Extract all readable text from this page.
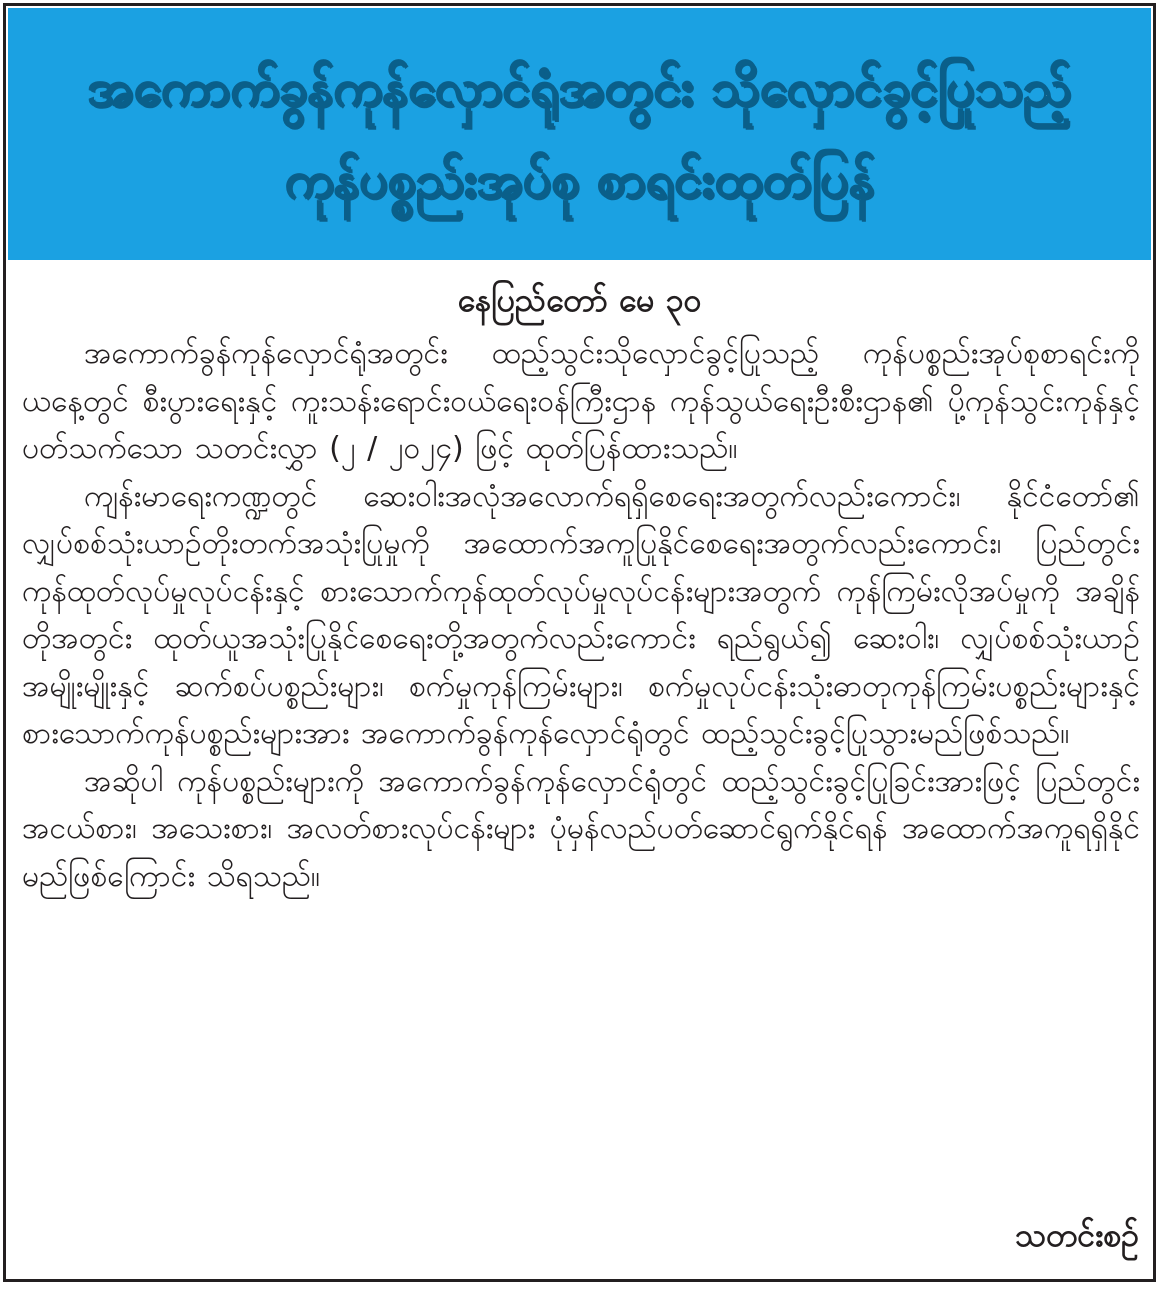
အကောက်ခွန်ကုန်လှောင်ရုံအတွင်း သိုလှောင်ခွင့်ပြုသည့်
ကုန်ပစ္စည်းအုပ်စု စာရင်းထုတ်ပြန်
နေပြည်တော် မေ ၃၀

အကောက်ခွန်ကုန်လှောင်ရုံအတွင်း ထည့်သွင်းသိုလှောင်ခွင့်ပြုသည့် ကုန်ပစ္စည်းအုပ်စုစာရင်းကို ယနေ့တွင် စီးပွားရေးနှင့် ကူးသန်းရောင်းဝယ်ရေးဝန်ကြီးဌာန ကုန်သွယ်ရေးဦးစီးဌာန၏ ပို့ကုန်သွင်းကုန်နှင့် ပတ်သက်သော သတင်းလွှာ (၂ / ၂၀၂၄) ဖြင့် ထုတ်ပြန်ထားသည်။

ကျန်းမာရေးကဏ္ဍတွင် ဆေးဝါးအလုံအလောက်ရရှိစေရေးအတွက်လည်းကောင်း၊ နိုင်ငံတော်၏ လျှပ်စစ်သုံးယာဉ်တိုးတက်အသုံးပြုမှုကို အထောက်အကူပြုနိုင်စေရေးအတွက်လည်းကောင်း၊ ပြည်တွင်းကုန်ထုတ်လုပ်မှုလုပ်ငန်းနှင့် စားသောက်ကုန်ထုတ်လုပ်မှုလုပ်ငန်းများအတွက် ကုန်ကြမ်းလိုအပ်မှုကို အချိန်တိုအတွင်း ထုတ်ယူအသုံးပြုနိုင်စေရေးတို့အတွက်လည်းကောင်း ရည်ရွယ်၍ ဆေးဝါး၊ လျှပ်စစ်သုံးယာဉ်အမျိုးမျိုးနှင့် ဆက်စပ်ပစ္စည်းများ၊ စက်မှုကုန်ကြမ်းများ၊ စက်မှုလုပ်ငန်းသုံးဓာတုကုန်ကြမ်းပစ္စည်းများနှင့် စားသောက်ကုန်ပစ္စည်းများအား အကောက်ခွန်ကုန်လှောင်ရုံတွင် ထည့်သွင်းခွင့်ပြုသွားမည်ဖြစ်သည်။

အဆိုပါ ကုန်ပစ္စည်းများကို အကောက်ခွန်ကုန်လှောင်ရုံတွင် ထည့်သွင်းခွင့်ပြုခြင်းအားဖြင့် ပြည်တွင်းအငယ်စား၊ အသေးစား၊ အလတ်စားလုပ်ငန်းများ ပုံမှန်လည်ပတ်ဆောင်ရွက်နိုင်ရန် အထောက်အကူရရှိနိုင်မည်ဖြစ်ကြောင်း သိရသည်။

သတင်းစဉ်
